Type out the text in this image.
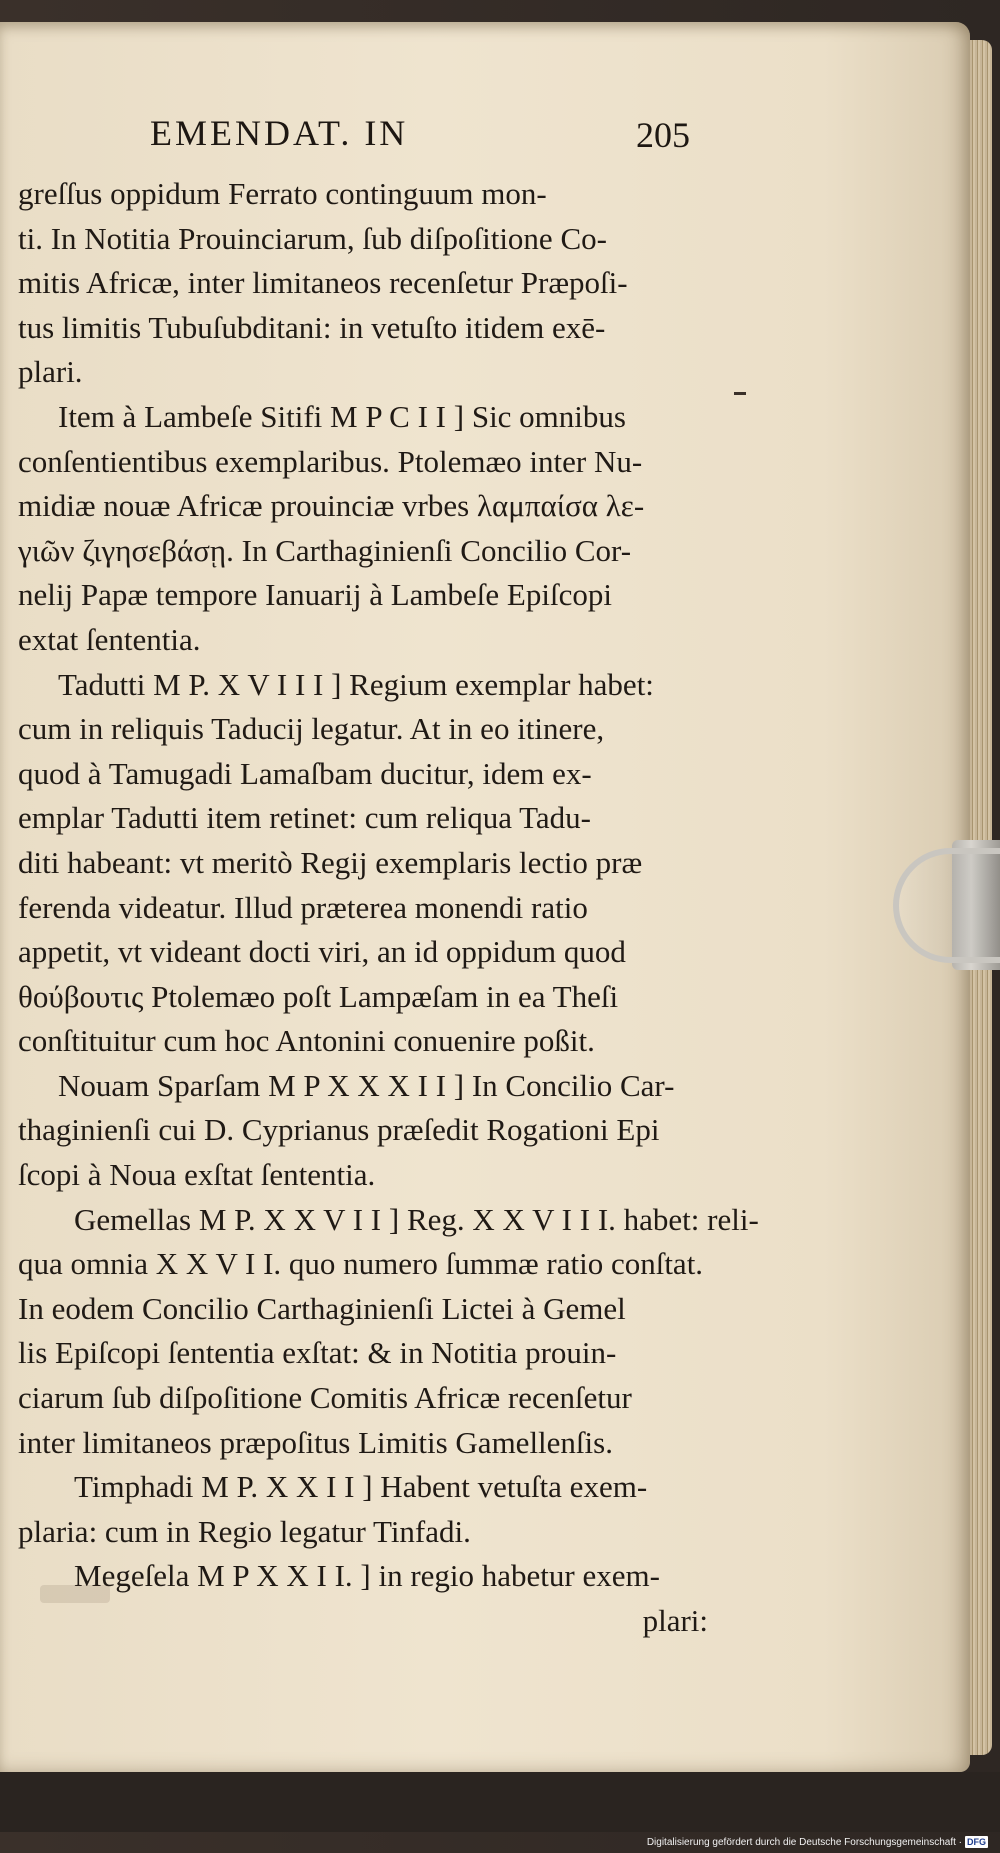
EMENDAT. IN	205
greſſus oppidum Ferrato continguum mon-
ti. In Notitia Prouinciarum, ſub diſpoſitione Co-
mitis Africæ, inter limitaneos recenſetur Præpoſi-
tus limitis Tubuſubditani: in vetuſto itidem exē-
plari.
Item à Lambeſe Sitifi M P C I I ] Sic omnibus
conſentientibus exemplaribus. Ptolemæo inter Nu-
midiæ nouæ Africæ prouinciæ vrbes λαμπαίσα λε-
γιῶν ζιγησεβάσῃ. In Carthaginienſi Concilio Cor-
nelij Papæ tempore Ianuarij à Lambeſe Epiſcopi
extat ſententia.
Tadutti M P. X V I I I ] Regium exemplar habet:
cum in reliquis Taducij legatur. At in eo itinere,
quod à Tamugadi Lamaſbam ducitur, idem ex-
emplar Tadutti item retinet: cum reliqua Tadu-
diti habeant: vt meritò Regij exemplaris lectio præ
ferenda videatur. Illud præterea monendi ratio
appetit, vt videant docti viri, an id oppidum quod
θούβουτις Ptolemæo poſt Lampæſam in ea Theſi
conſtituitur cum hoc Antonini conuenire poßit.
Nouam Sparſam M P X X X I I ] In Concilio Car-
thaginienſi cui D. Cyprianus præſedit Rogationi Epi
ſcopi à Noua exſtat ſententia.
Gemellas M P. X X V I I ] Reg. X X V I I I. habet: reli-
qua omnia X X V I I. quo numero ſummæ ratio conſtat.
In eodem Concilio Carthaginienſi Lictei à Gemel
lis Epiſcopi ſententia exſtat: & in Notitia prouin-
ciarum ſub diſpoſitione Comitis Africæ recenſetur
inter limitaneos præpoſitus Limitis Gamellenſis.
Timphadi M P. X X I I ] Habent vetuſta exem-
plaria: cum in Regio legatur Tinfadi.
Megeſela M P X X I I. ] in regio habetur exem-
plari:
Digitalisierung gefördert durch die Deutsche Forschungsgemeinschaft · DFG
